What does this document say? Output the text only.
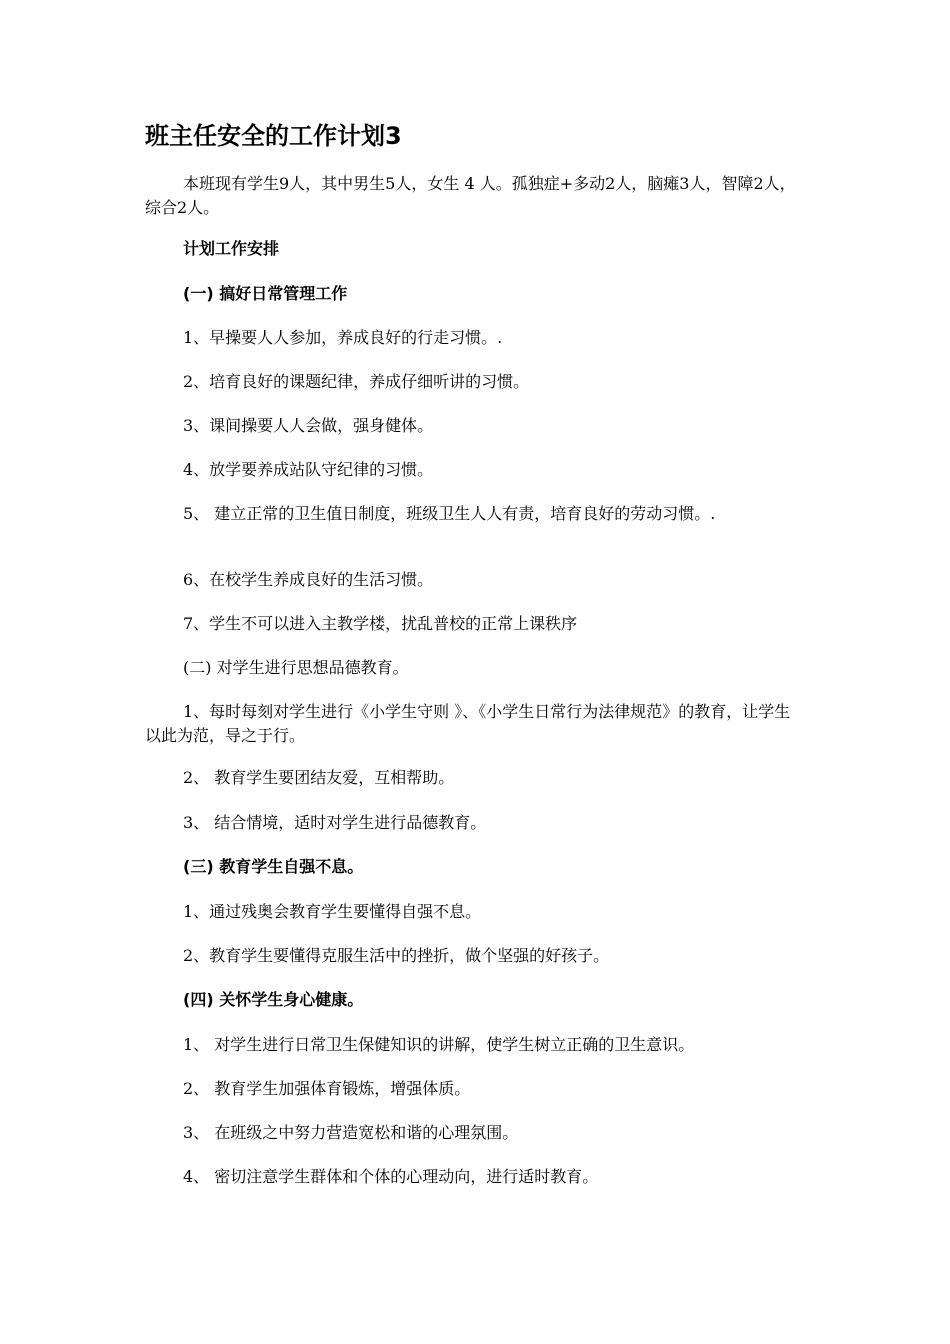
班主任安全的工作计划3
本班现有学生9人，其中男生5人，女生 4 人。孤独症+多动2人，脑瘫3人，智障2人，综合2人。
计划工作安排
(一) 搞好日常管理工作
1、早操要人人参加，养成良好的行走习惯。.
2、培育良好的课题纪律，养成仔细听讲的习惯。
3、课间操要人人会做，强身健体。
4、放学要养成站队守纪律的习惯。
5、 建立正常的卫生值日制度，班级卫生人人有责，培育良好的劳动习惯。.
6、在校学生养成良好的生活习惯。
7、学生不可以进入主教学楼，扰乱普校的正常上课秩序
(二) 对学生进行思想品德教育。
1、每时每刻对学生进行《小学生守则 》、《小学生日常行为法律规范》的教育，让学生以此为范，导之于行。
2、 教育学生要团结友爱，互相帮助。
3、 结合情境，适时对学生进行品德教育。
(三) 教育学生自强不息。
1、通过残奥会教育学生要懂得自强不息。
2、教育学生要懂得克服生活中的挫折，做个坚强的好孩子。
(四) 关怀学生身心健康。
1、 对学生进行日常卫生保健知识的讲解，使学生树立正确的卫生意识。
2、 教育学生加强体育锻炼，增强体质。
3、 在班级之中努力营造宽松和谐的心理氛围。
4、 密切注意学生群体和个体的心理动向，进行适时教育。
